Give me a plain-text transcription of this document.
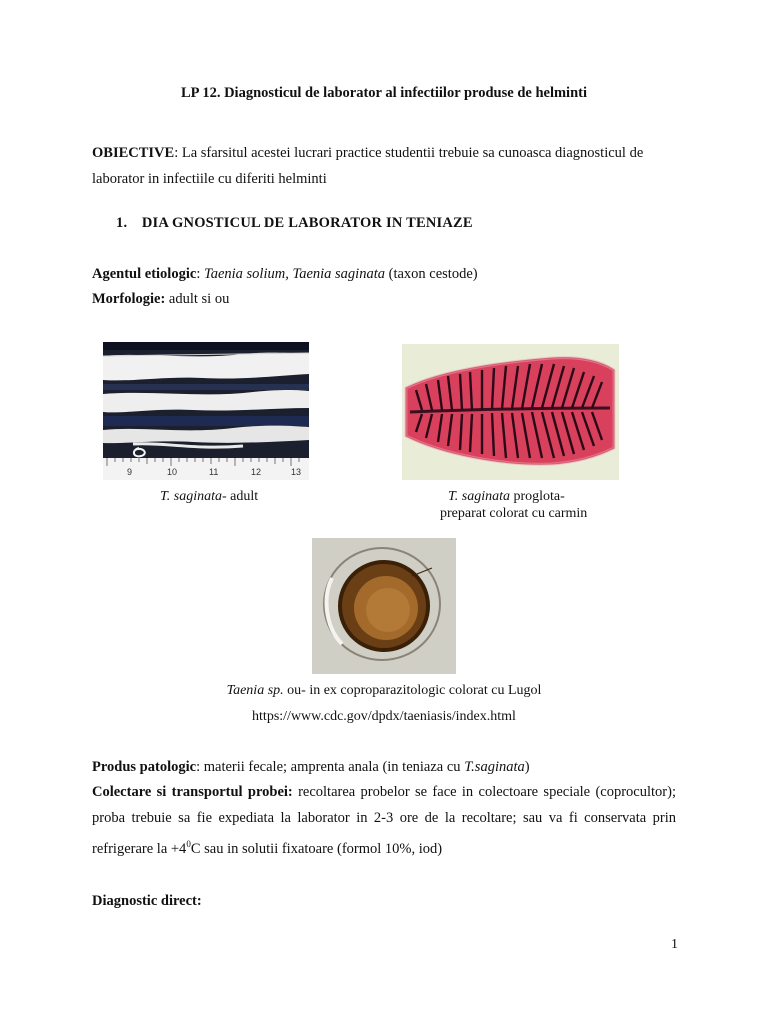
LP 12. Diagnosticul de laborator al infectiilor produse de helminti
OBIECTIVE: La sfarsitul acestei lucrari practice studentii trebuie sa cunoasca diagnosticul de laborator in infectiile cu diferiti helminti
1. DIA GNOSTICUL DE LABORATOR IN TENIAZE
Agentul etiologic: Taenia solium, Taenia saginata (taxon cestode)
Morfologie: adult si ou
9	10	11	12	13
T. saginata- adult	T. saginata proglota-
preparat colorat cu carmin
Taenia sp. ou- in ex coproparazitologic colorat cu Lugol
https://www.cdc.gov/dpdx/taeniasis/index.html
Produs patologic: materii fecale; amprenta anala (in teniaza cu T.saginata)
Colectare si transportul probei: recoltarea probelor se face in colectoare speciale (coprocultor); proba trebuie sa fie expediata la laborator in 2-3 ore de la recoltare; sau va fi conservata prin refrigerare la $+4^0C$ sau in solutii fixatoare (formol 10%, iod)
Diagnostic direct:
1
